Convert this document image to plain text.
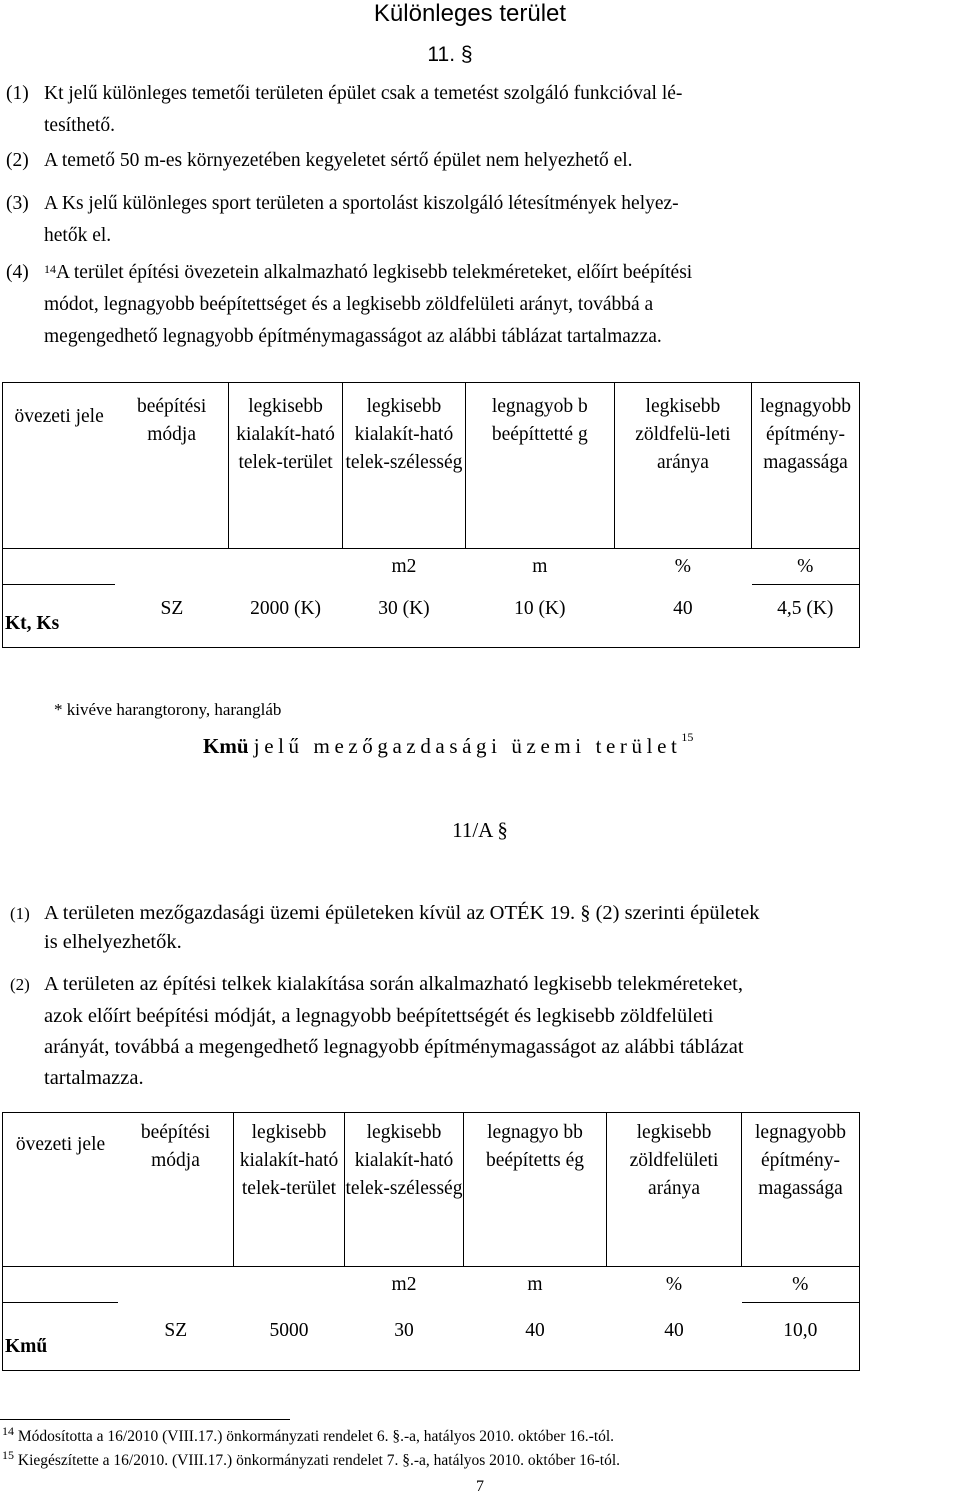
Különleges terület
11. §
(1) Kt jelű különleges temetői területen épület csak a temetést szolgáló funkcióval lé-
tesíthető.
(2) A temető 50 m-es környezetében kegyeletet sértő épület nem helyezhető el.
(3) A Ks jelű különleges sport területen a sportolást kiszolgáló létesítmények helyez-
hetők el.
(4) $^{14}$A terület építési övezetein alkalmazható legkisebb telekméreteket, előírt beépítési
módot, legnagyobb beépítettséget és a legkisebb zöldfelületi arányt, továbbá a
megengedhető legnagyobb építménymagasságot az alábbi táblázat tartalmazza.
övezeti jele	beépítési módja	legkisebb kialakít-ható telek-terület	legkisebb kialakít-ható telek-szélesség	legnagyob b beépíttetté g	legkisebb zöldfelü-leti aránya	legnagyobb építmény-magassága
			m2	m	%	%
Kt, Ks	SZ	2000 (K)	30 (K)	10 (K)	40	4,5 (K)
* kivéve harangtorony, harangláb
Kmü jelű mezőgazdasági üzemi terület$^{15}$
11/A §
(1) A területen mezőgazdasági üzemi épületeken kívül az OTÉK 19. § (2) szerinti épületek
is elhelyezhetők.
(2) A területen az építési telkek kialakítása során alkalmazható legkisebb telekméreteket,
azok előírt beépítési módját, a legnagyobb beépítettségét és legkisebb zöldfelületi
arányát, továbbá a megengedhető legnagyobb építménymagasságot az alábbi táblázat
tartalmazza.
övezeti jele	beépítési módja	legkisebb kialakít-ható telek-terület	legkisebb kialakít-ható telek-szélesség	legnagyo bb beépítetts ég	legkisebb zöldfelületi aránya	legnagyobb építmény-magassága
			m2	m	%	%
Kmű	SZ	5000	30	40	40	10,0
$^{14}$ Módosította a 16/2010 (VIII.17.) önkormányzati rendelet 6. §.-a, hatályos 2010. október 16.-tól.
$^{15}$ Kiegészítette a 16/2010. (VIII.17.) önkormányzati rendelet 7. §.-a, hatályos 2010. október 16-tól.
7
